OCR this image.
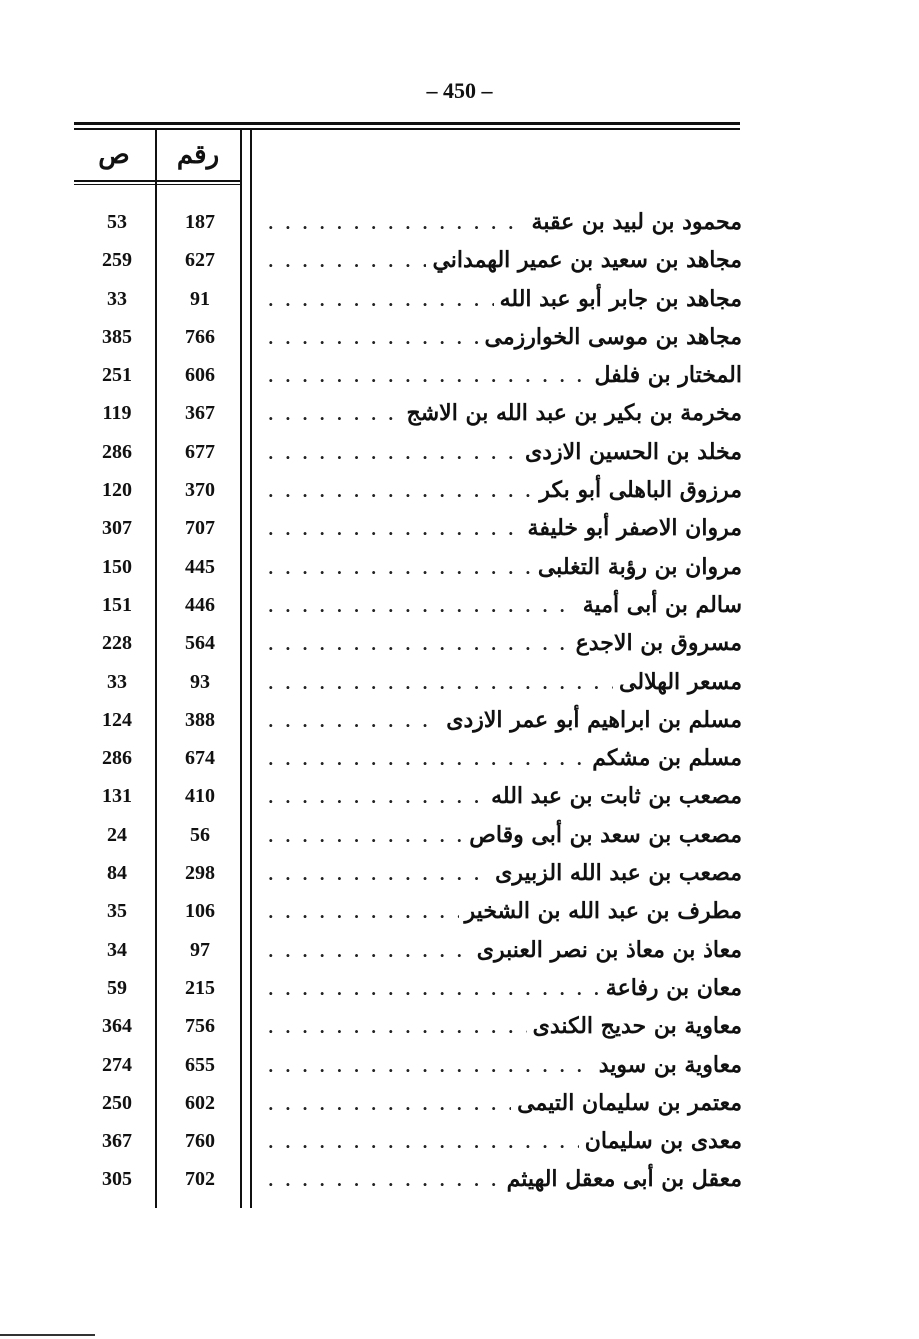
– 450 –
ص	رقم
53	187	محمود بن لبيد بن عقبة
. . .
259	627	مجاهد بن سعيد بن عمير الهمداني
. . .
33	91	مجاهد بن جابر أبو عبد الله
. . .
385	766	مجاهد بن موسى الخوارزمى
. . .
251	606	المختار بن فلفل
. . .
119	367	مخرمة بن بكير بن عبد الله بن الاشج
. . .
286	677	مخلد بن الحسين الازدى
. . .
120	370	مرزوق الباهلى أبو بكر
. . .
307	707	مروان الاصفر أبو خليفة
. . .
150	445	مروان بن رؤبة التغلبى
. . .
151	446	سالم بن أبى أمية
. . .
228	564	مسروق بن الاجدع
. . .
33	93	مسعر الهلالى
. . .
124	388	مسلم بن ابراهيم أبو عمر الازدى
. . .
286	674	مسلم بن مشكم
. . .
131	410	مصعب بن ثابت بن عبد الله
. . .
24	56	مصعب بن سعد بن أبى وقاص
. . .
84	298	مصعب بن عبد الله الزبيرى
. . .
35	106	مطرف بن عبد الله بن الشخير
. . .
34	97	معاذ بن معاذ بن نصر العنبرى
. . .
59	215	معان بن رفاعة
. . .
364	756	معاوية بن حديج الكندى
. . .
274	655	معاوية بن سويد
. . .
250	602	معتمر بن سليمان التيمى
. . .
367	760	معدى بن سليمان
. . .
305	702	معقل بن أبى معقل الهيثم
. . .
